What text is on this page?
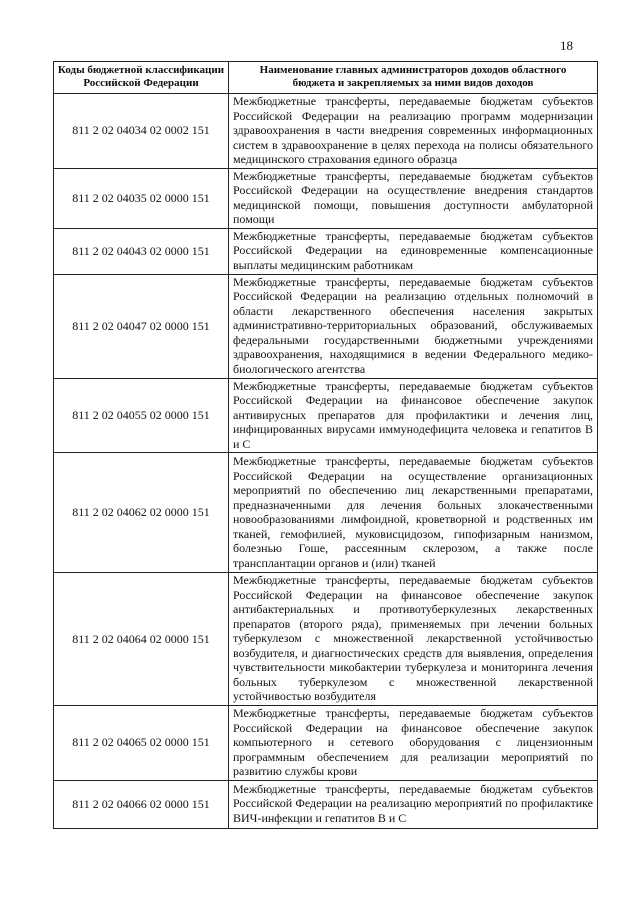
18
Коды бюджетной классификации Российской Федерации	Наименование главных администраторов доходов областного бюджета и закрепляемых за ними видов доходов
811 2 02 04034 02 0002 151	Межбюджетные трансферты, передаваемые бюджетам субъектов Российской Федерации на реализацию программ модернизации здравоохранения в части внедрения современных информационных систем в здравоохранение в целях перехода на полисы обязательного медицинского страхования единого образца
811 2 02 04035 02 0000 151	Межбюджетные трансферты, передаваемые бюджетам субъектов Российской Федерации на осуществление внедрения стандартов медицинской помощи, повышения доступности амбулаторной помощи
811 2 02 04043 02 0000 151	Межбюджетные трансферты, передаваемые бюджетам субъектов Российской Федерации на единовременные компенсационные выплаты медицинским работникам
811 2 02 04047 02 0000 151	Межбюджетные трансферты, передаваемые бюджетам субъектов Российской Федерации на реализацию отдельных полномочий в области лекарственного обеспечения населения закрытых административно-территориальных образований, обслуживаемых федеральными государственными бюджетными учреждениями здравоохранения, находящимися в ведении Федерального медико-биологического агентства
811 2 02 04055 02 0000 151	Межбюджетные трансферты, передаваемые бюджетам субъектов Российской Федерации на финансовое обеспечение закупок антивирусных препаратов для профилактики и лечения лиц, инфицированных вирусами иммунодефицита человека и гепатитов В и С
811 2 02 04062 02 0000 151	Межбюджетные трансферты, передаваемые бюджетам субъектов Российской Федерации на осуществление организационных мероприятий по обеспечению лиц лекарственными препаратами, предназначенными для лечения больных злокачественными новообразованиями лимфоидной, кроветворной и родственных им тканей, гемофилией, муковисцидозом, гипофизарным нанизмом, болезнью Гоше, рассеянным склерозом, а также после трансплантации органов и (или) тканей
811 2 02 04064 02 0000 151	Межбюджетные трансферты, передаваемые бюджетам субъектов Российской Федерации на финансовое обеспечение закупок антибактериальных и противотуберкулезных лекарственных препаратов (второго ряда), применяемых при лечении больных туберкулезом с множественной лекарственной устойчивостью возбудителя, и диагностических средств для выявления, определения чувствительности микобактерии туберкулеза и мониторинга лечения больных туберкулезом с множественной лекарственной устойчивостью возбудителя
811 2 02 04065 02 0000 151	Межбюджетные трансферты, передаваемые бюджетам субъектов Российской Федерации на финансовое обеспечение закупок компьютерного и сетевого оборудования с лицензионным программным обеспечением для реализации мероприятий по развитию службы крови
811 2 02 04066 02 0000 151	Межбюджетные трансферты, передаваемые бюджетам субъектов Российской Федерации на реализацию мероприятий по профилактике ВИЧ-инфекции и гепатитов В и С
